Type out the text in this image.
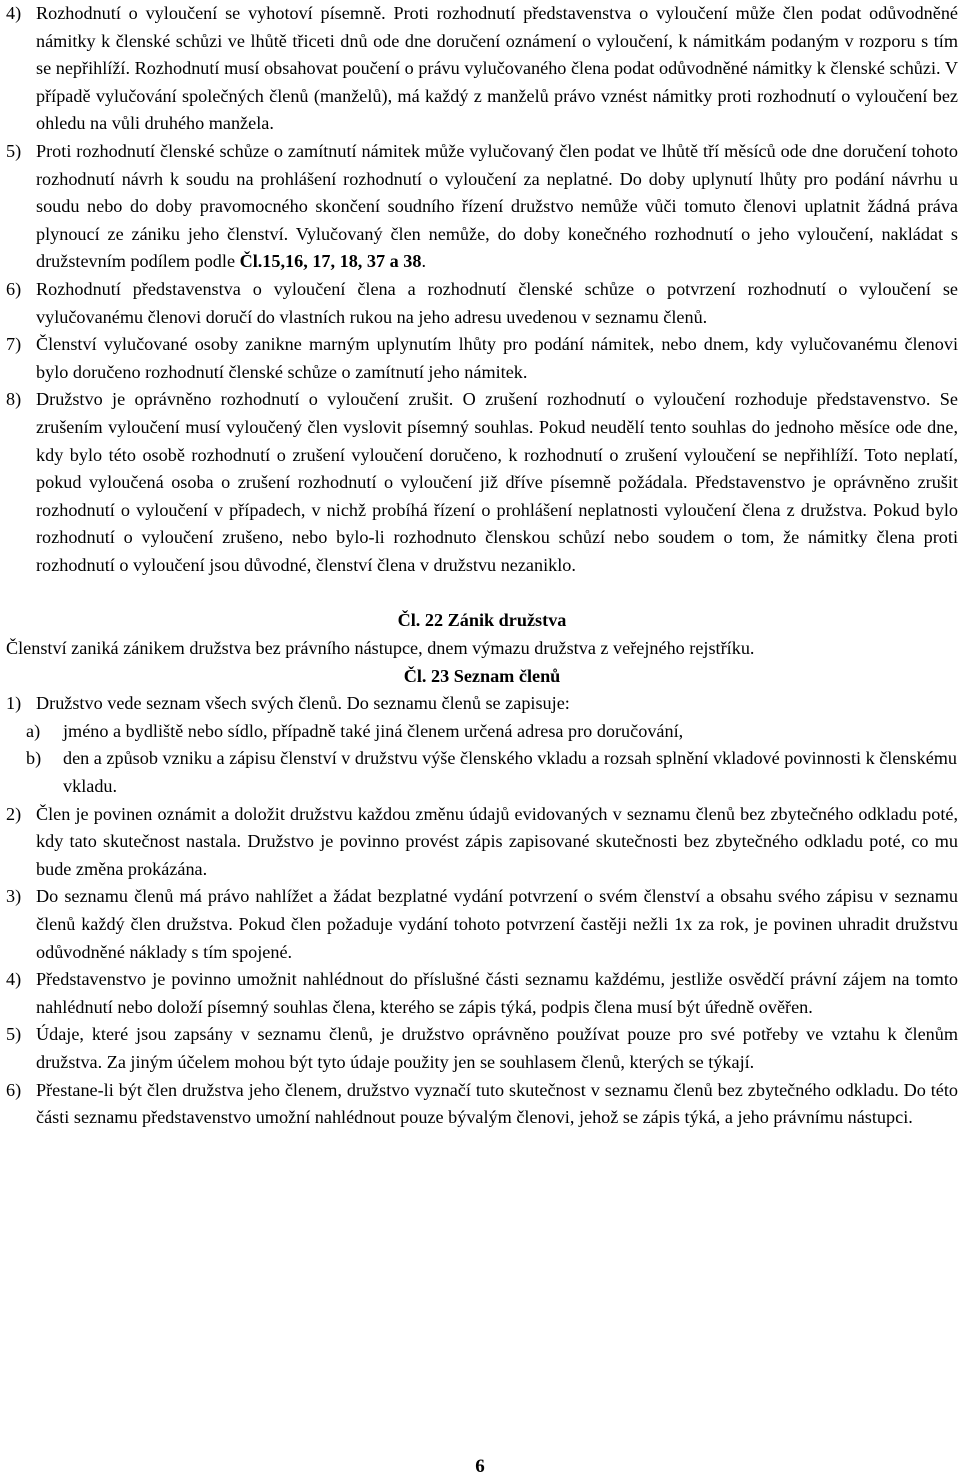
4) Rozhodnutí o vyloučení se vyhotoví písemně. Proti rozhodnutí představenstva o vyloučení může člen podat odůvodněné námitky k členské schůzi ve lhůtě třiceti dnů ode dne doručení oznámení o vyloučení, k námitkám podaným v rozporu s tím se nepřihlíží. Rozhodnutí musí obsahovat poučení o právu vylučovaného člena podat odůvodněné námitky k členské schůzi. V případě vylučování společných členů (manželů), má každý z manželů právo vznést námitky proti rozhodnutí o vyloučení bez ohledu na vůli druhého manžela.
5) Proti rozhodnutí členské schůze o zamítnutí námitek může vylučovaný člen podat ve lhůtě tří měsíců ode dne doručení tohoto rozhodnutí návrh k soudu na prohlášení rozhodnutí o vyloučení za neplatné. Do doby uplynutí lhůty pro podání návrhu u soudu nebo do doby pravomocného skončení soudního řízení družstvo nemůže vůči tomuto členovi uplatnit žádná práva plynoucí ze zániku jeho členství. Vylučovaný člen nemůže, do doby konečného rozhodnutí o jeho vyloučení, nakládat s družstevním podílem podle Čl.15,16, 17, 18, 37 a 38.
6) Rozhodnutí představenstva o vyloučení člena a rozhodnutí členské schůze o potvrzení rozhodnutí o vyloučení se vylučovanému členovi doručí do vlastních rukou na jeho adresu uvedenou v seznamu členů.
7) Členství vylučované osoby zanikne marným uplynutím lhůty pro podání námitek, nebo dnem, kdy vylučovanému členovi bylo doručeno rozhodnutí členské schůze o zamítnutí jeho námitek.
8) Družstvo je oprávněno rozhodnutí o vyloučení zrušit. O zrušení rozhodnutí o vyloučení rozhoduje představenstvo. Se zrušením vyloučení musí vyloučený člen vyslovit písemný souhlas. Pokud neudělí tento souhlas do jednoho měsíce ode dne, kdy bylo této osobě rozhodnutí o zrušení vyloučení doručeno, k rozhodnutí o zrušení vyloučení se nepřihlíží. Toto neplatí, pokud vyloučená osoba o zrušení rozhodnutí o vyloučení již dříve písemně požádala. Představenstvo je oprávněno zrušit rozhodnutí o vyloučení v případech, v nichž probíhá řízení o prohlášení neplatnosti vyloučení člena z družstva. Pokud bylo rozhodnutí o vyloučení zrušeno, nebo bylo-li rozhodnuto členskou schůzí nebo soudem o tom, že námitky člena proti rozhodnutí o vyloučení jsou důvodné, členství člena v družstvu nezaniklo.
Čl. 22 Zánik družstva
Členství zaniká zánikem družstva bez právního nástupce, dnem výmazu družstva z veřejného rejstříku.
Čl. 23 Seznam členů
1) Družstvo vede seznam všech svých členů. Do seznamu členů se zapisuje:
a)	jméno a bydliště nebo sídlo, případně také jiná členem určená adresa pro doručování,
b)	den a způsob vzniku a zápisu členství v družstvu výše členského vkladu a rozsah splnění vkladové povinnosti k členskému vkladu.
2) Člen je povinen oznámit a doložit družstvu každou změnu údajů evidovaných v seznamu členů bez zbytečného odkladu poté, kdy tato skutečnost nastala. Družstvo je povinno provést zápis zapisované skutečnosti bez zbytečného odkladu poté, co mu bude změna prokázána.
3) Do seznamu členů má právo nahlížet a žádat bezplatné vydání potvrzení o svém členství a obsahu svého zápisu v seznamu členů každý člen družstva. Pokud člen požaduje vydání tohoto potvrzení častěji nežli 1x za rok, je povinen uhradit družstvu odůvodněné náklady s tím spojené.
4) Představenstvo je povinno umožnit nahlédnout do příslušné části seznamu každému, jestliže osvědčí právní zájem na tomto nahlédnutí nebo doloží písemný souhlas člena, kterého se zápis týká, podpis člena musí být úředně ověřen.
5) Údaje, které jsou zapsány v seznamu členů, je družstvo oprávněno používat pouze pro své potřeby ve vztahu k členům družstva. Za jiným účelem mohou být tyto údaje použity jen se souhlasem členů, kterých se týkají.
6) Přestane-li být člen družstva jeho členem, družstvo vyznačí tuto skutečnost v seznamu členů bez zbytečného odkladu. Do této části seznamu představenstvo umožní nahlédnout pouze bývalým členovi, jehož se zápis týká, a jeho právnímu nástupci.
6
